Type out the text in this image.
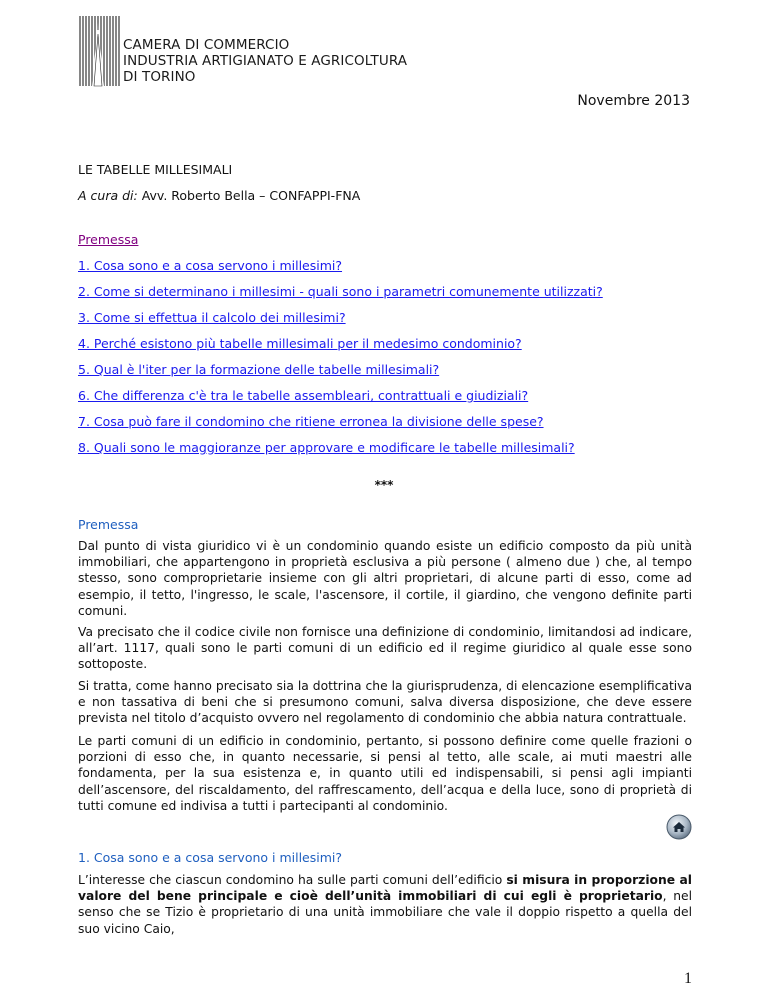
CAMERA DI COMMERCIO
INDUSTRIA ARTIGIANATO E AGRICOLTURA
DI TORINO
Novembre 2013
LE TABELLE MILLESIMALI
A cura di: Avv. Roberto Bella – CONFAPPI-FNA
Premessa
1. Cosa sono e a cosa servono i millesimi?
2. Come si determinano i millesimi - quali sono i parametri comunemente utilizzati?
3. Come si effettua il calcolo dei millesimi?
4. Perché esistono più tabelle millesimali per il medesimo condominio?
5. Qual è l'iter per la formazione delle tabelle millesimali?
6. Che differenza c'è tra le tabelle assembleari, contrattuali e giudiziali?
7. Cosa può fare il condomino che ritiene erronea la divisione delle spese?
8. Quali sono le maggioranze per approvare e modificare le tabelle millesimali?
***
Premessa

Dal punto di vista giuridico vi è un condominio quando esiste un edificio composto da più unità immobiliari, che appartengono in proprietà esclusiva a più persone ( almeno due ) che, al tempo stesso, sono comproprietarie insieme con gli altri proprietari, di alcune parti di esso, come ad esempio, il tetto, l'ingresso, le scale, l'ascensore, il cortile, il giardino, che vengono definite parti comuni.

Va precisato che il codice civile non fornisce una definizione di condominio, limitandosi ad indicare, all’art. 1117, quali sono le parti comuni di un edificio ed il regime giuridico al quale esse sono sottoposte.

Si tratta, come hanno precisato sia la dottrina che la giurisprudenza, di elencazione esemplificativa e non tassativa di beni che si presumono comuni, salva diversa disposizione, che deve essere prevista nel titolo d’acquisto ovvero nel regolamento di condominio che abbia natura contrattuale.

Le parti comuni di un edificio in condominio, pertanto, si possono definire come quelle frazioni o porzioni di esso che, in quanto necessarie, si pensi al tetto, alle scale, ai muti maestri alle fondamenta, per la sua esistenza e, in quanto utili ed indispensabili, si pensi agli impianti dell’ascensore, del riscaldamento, del raffrescamento, dell’acqua e della luce, sono di proprietà di tutti comune ed indivisa a tutti i partecipanti al condominio.

1. Cosa sono e a cosa servono i millesimi?

L’interesse che ciascun condomino ha sulle parti comuni dell’edificio si misura in proporzione al valore del bene principale e cioè dell’unità immobiliari di cui egli è proprietario, nel senso che se Tizio è proprietario di una unità immobiliare che vale il doppio rispetto a quella del suo vicino Caio,

1
